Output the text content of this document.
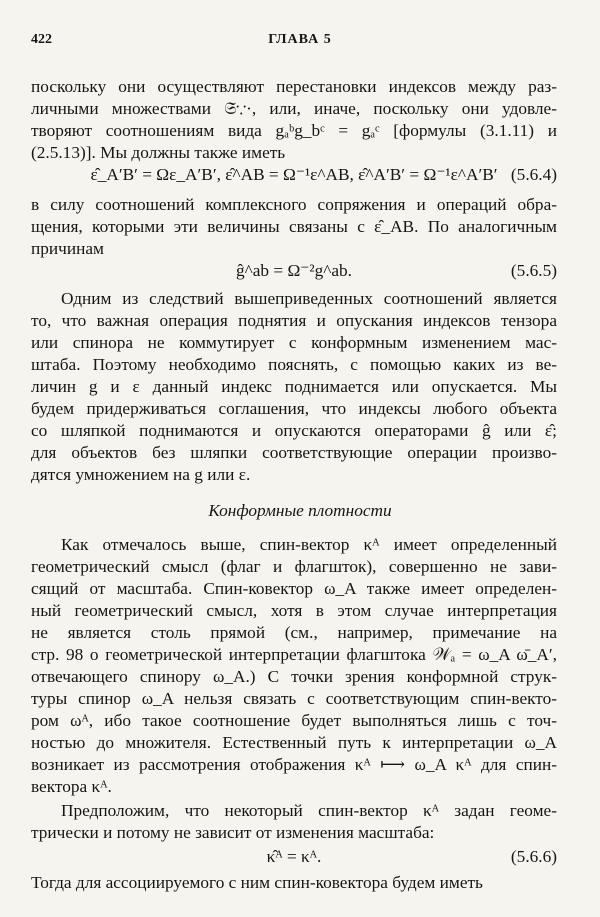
422	ГЛАВА 5
поскольку они осуществляют перестановки индексов между раз-
личными множествами 𝔖∵·, или, иначе, поскольку они удовле-
творяют соотношениям вида gₐᵇg_bᶜ = gₐᶜ [формулы (3.1.11) и
(2.5.13)]. Мы должны также иметь
ε̂_A′B′ = Ωε_A′B′, ε̂^AB = Ω⁻¹ε^AB, ε̂^A′B′ = Ω⁻¹ε^A′B′ (5.6.4)
в силу соотношений комплексного сопряжения и операций обра-
щения, которыми эти величины связаны с ε̂_AB. По аналогичным
причинам
ĝ^ab = Ω⁻²g^ab.	(5.6.5)
Одним из следствий вышеприведенных соотношений является
то, что важная операция поднятия и опускания индексов тензора
или спинора не коммутирует с конформным изменением мас-
штаба. Поэтому необходимо пояснять, с помощью каких из ве-
личин g и ε данный индекс поднимается или опускается. Мы
будем придерживаться соглашения, что индексы любого объекта
со шляпкой поднимаются и опускаются операторами ĝ или ε̂;
для объектов без шляпки соответствующие операции произво-
дятся умножением на g или ε.
Конформные плотности
Как отмечалось выше, спин-вектор κᴬ имеет определенный
геометрический смысл (флаг и флагшток), совершенно не зави-
сящий от масштаба. Спин-ковектор ω_A также имеет определен-
ный геометрический смысл, хотя в этом случае интерпретация
не является столь прямой (см., например, примечание на
стр. 98 о геометрической интерпретации флагштока 𝒲ₐ = ω_A ω̄_A′,
отвечающего спинору ω_A.) С точки зрения конформной струк-
туры спинор ω_A нельзя связать с соответствующим спин-векто-
ром ωᴬ, ибо такое соотношение будет выполняться лишь с точ-
ностью до множителя. Естественный путь к интерпретации ω_A
возникает из рассмотрения отображения κᴬ ⟼ ω_A κᴬ для спин-
вектора κᴬ.
Предположим, что некоторый спин-вектор κᴬ задан геоме-
трически и потому не зависит от изменения масштаба:
κ̂ᴬ = κᴬ.	(5.6.6)
Тогда для ассоциируемого с ним спин-ковектора будем иметь
